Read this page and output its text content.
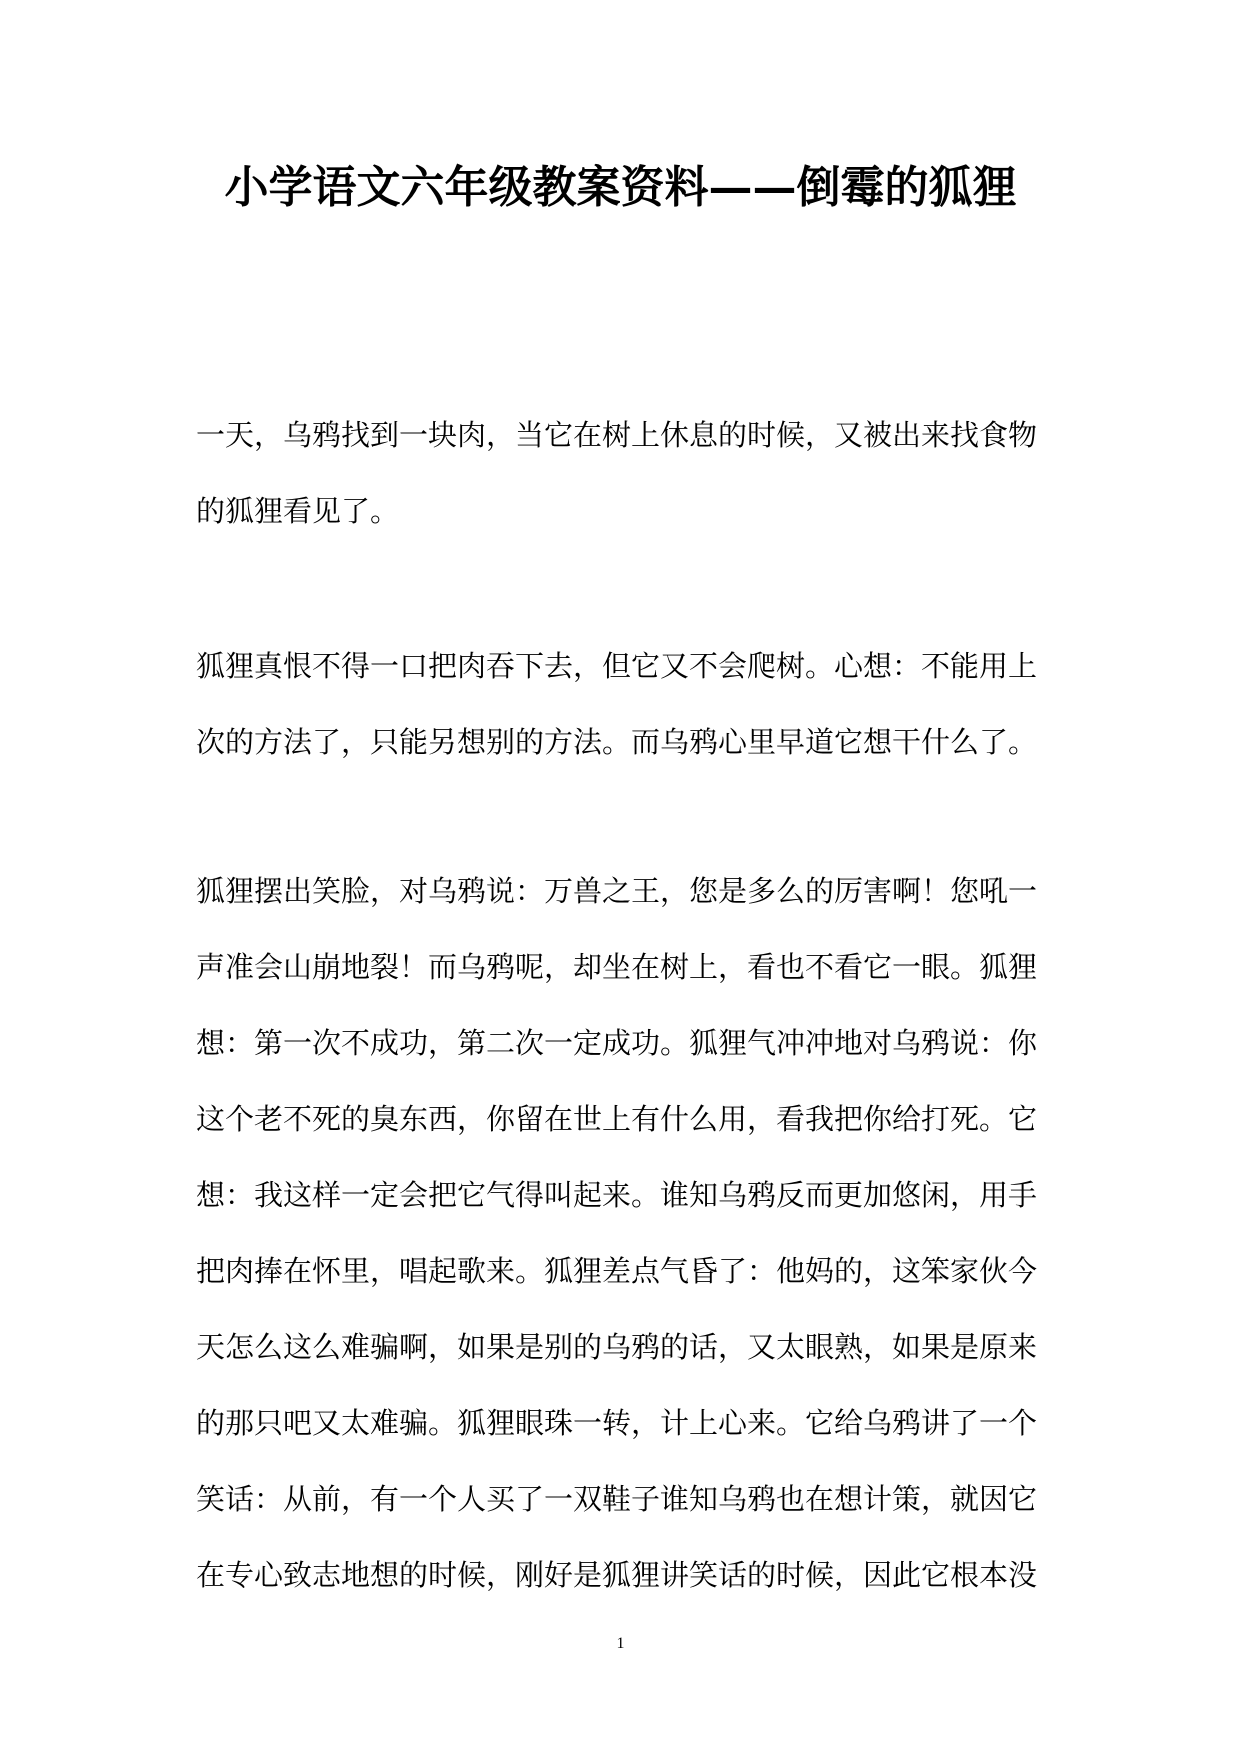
小学语文六年级教案资料——倒霉的狐狸
一天，乌鸦找到一块肉，当它在树上休息的时候，又被出来找食物
的狐狸看见了。
狐狸真恨不得一口把肉吞下去，但它又不会爬树。心想：不能用上
次的方法了，只能另想别的方法。而乌鸦心里早道它想干什么了。
狐狸摆出笑脸，对乌鸦说：万兽之王，您是多么的厉害啊！您吼一
声准会山崩地裂！而乌鸦呢，却坐在树上，看也不看它一眼。狐狸
想：第一次不成功，第二次一定成功。狐狸气冲冲地对乌鸦说：你
这个老不死的臭东西，你留在世上有什么用，看我把你给打死。它
想：我这样一定会把它气得叫起来。谁知乌鸦反而更加悠闲，用手
把肉捧在怀里，唱起歌来。狐狸差点气昏了：他妈的，这笨家伙今
天怎么这么难骗啊，如果是别的乌鸦的话，又太眼熟，如果是原来
的那只吧又太难骗。狐狸眼珠一转，计上心来。它给乌鸦讲了一个
笑话：从前，有一个人买了一双鞋子谁知乌鸦也在想计策，就因它
在专心致志地想的时候，刚好是狐狸讲笑话的时候，因此它根本没
1
